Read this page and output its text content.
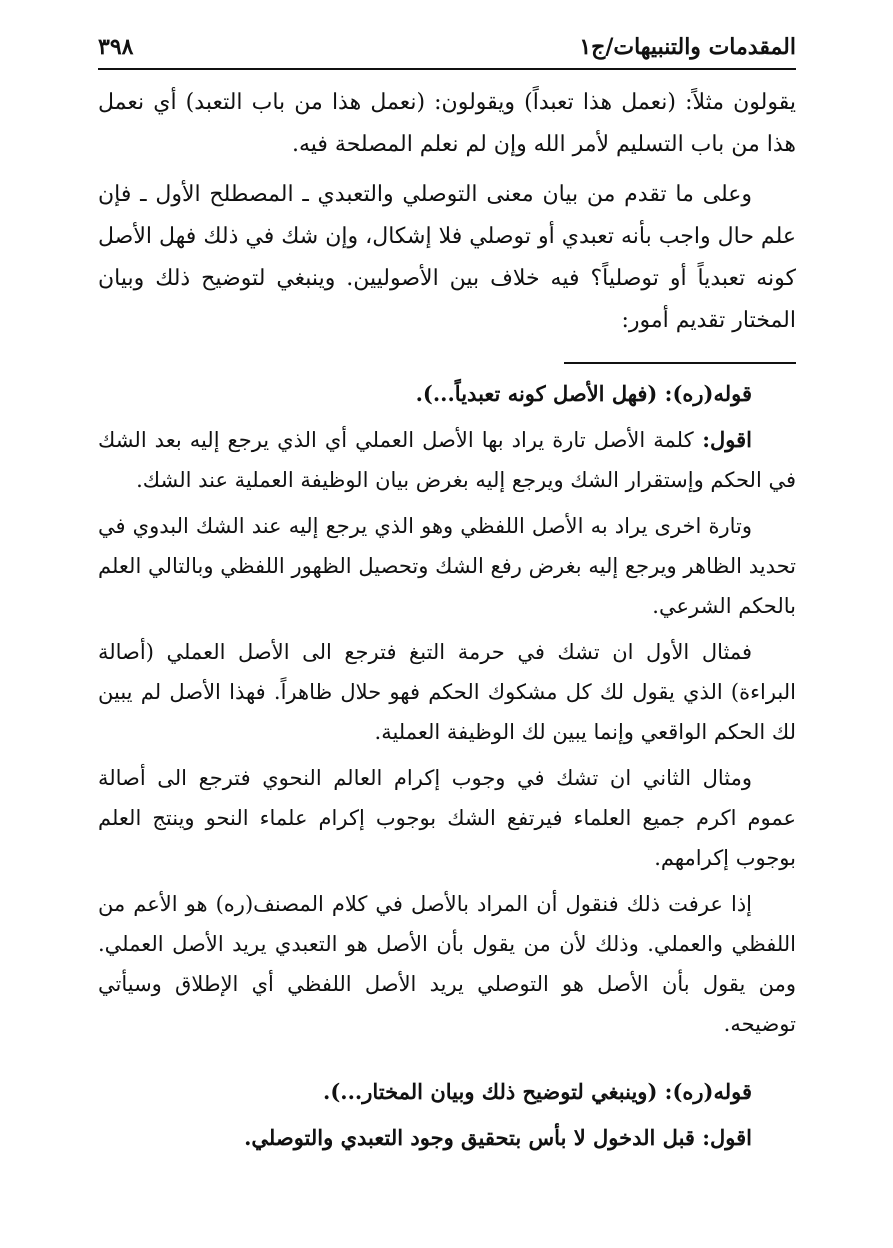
المقدمات والتنبيهات/ج١
٣٩٨

يقولون مثلاً: (نعمل هذا تعبداً) ويقولون: (نعمل هذا من باب التعبد) أي نعمل هذا من باب التسليم لأمر الله وإن لم نعلم المصلحة فيه.

وعلى ما تقدم من بيان معنى التوصلي والتعبدي ـ المصطلح الأول ـ فإن علم حال واجب بأنه تعبدي أو توصلي فلا إشكال، وإن شك في ذلك فهل الأصل كونه تعبدياً أو توصلياً؟ فيه خلاف بين الأصوليين. وينبغي لتوضيح ذلك وبيان المختار تقديم أمور:

قوله(ره): (فهل الأصل كونه تعبدياً...).

اقول: كلمة الأصل تارة يراد بها الأصل العملي أي الذي يرجع إليه بعد الشك في الحكم وإستقرار الشك ويرجع إليه بغرض بيان الوظيفة العملية عند الشك.

وتارة اخرى يراد به الأصل اللفظي وهو الذي يرجع إليه عند الشك البدوي في تحديد الظاهر ويرجع إليه بغرض رفع الشك وتحصيل الظهور اللفظي وبالتالي العلم بالحكم الشرعي.

فمثال الأول ان تشك في حرمة التبغ فترجع الى الأصل العملي (أصالة البراءة) الذي يقول لك كل مشكوك الحكم فهو حلال ظاهراً. فهذا الأصل لم يبين لك الحكم الواقعي وإنما يبين لك الوظيفة العملية.

ومثال الثاني ان تشك في وجوب إكرام العالم النحوي فترجع الى أصالة عموم اكرم جميع العلماء فيرتفع الشك بوجوب إكرام علماء النحو وينتج العلم بوجوب إكرامهم.

إذا عرفت ذلك فنقول أن المراد بالأصل في كلام المصنف(ره) هو الأعم من اللفظي والعملي. وذلك لأن من يقول بأن الأصل هو التعبدي يريد الأصل العملي. ومن يقول بأن الأصل هو التوصلي يريد الأصل اللفظي أي الإطلاق وسيأتي توضيحه.

قوله(ره): (وينبغي لتوضيح ذلك وبيان المختار...).

اقول: قبل الدخول لا بأس بتحقيق وجود التعبدي والتوصلي.
